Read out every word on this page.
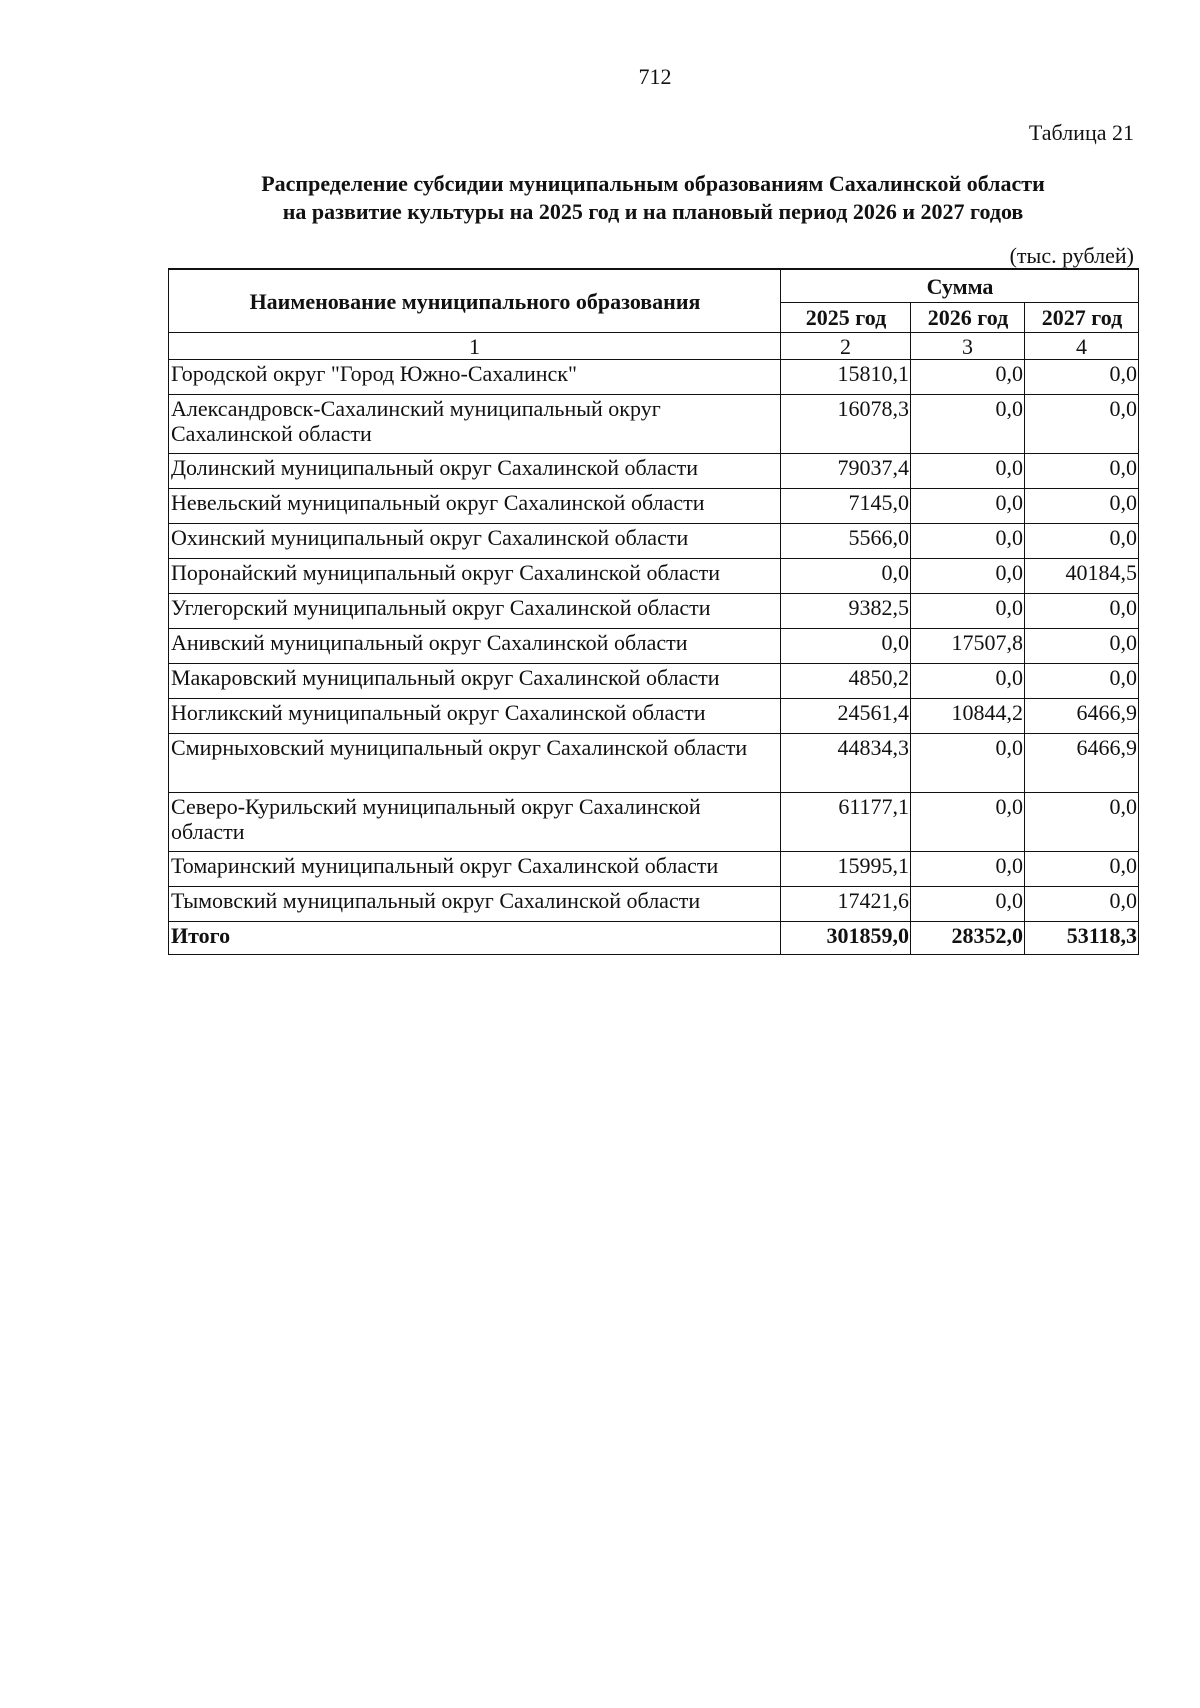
712
Таблица 21
Распределение субсидии муниципальным образованиям Сахалинской области
на развитие культуры на 2025 год и на плановый период 2026 и 2027 годов
(тыс. рублей)
Наименование муниципального образования	Сумма		
	2025 год	2026 год	2027 год
1	2	3	4
Городской округ "Город Южно-Сахалинск"	15810,1	0,0	0,0
Александровск-Сахалинский муниципальный округ Сахалинской области	16078,3	0,0	0,0
Долинский муниципальный округ Сахалинской области	79037,4	0,0	0,0
Невельский муниципальный округ Сахалинской области	7145,0	0,0	0,0
Охинский муниципальный округ Сахалинской области	5566,0	0,0	0,0
Поронайский муниципальный округ Сахалинской области	0,0	0,0	40184,5
Углегорский муниципальный округ Сахалинской области	9382,5	0,0	0,0
Анивский муниципальный округ Сахалинской области	0,0	17507,8	0,0
Макаровский муниципальный округ Сахалинской области	4850,2	0,0	0,0
Ногликский муниципальный округ Сахалинской области	24561,4	10844,2	6466,9
Смирныховский муниципальный округ Сахалинской области	44834,3	0,0	6466,9
Северо-Курильский муниципальный округ Сахалинской области	61177,1	0,0	0,0
Томаринский муниципальный округ Сахалинской области	15995,1	0,0	0,0
Тымовский муниципальный округ Сахалинской области	17421,6	0,0	0,0
Итого	301859,0	28352,0	53118,3
